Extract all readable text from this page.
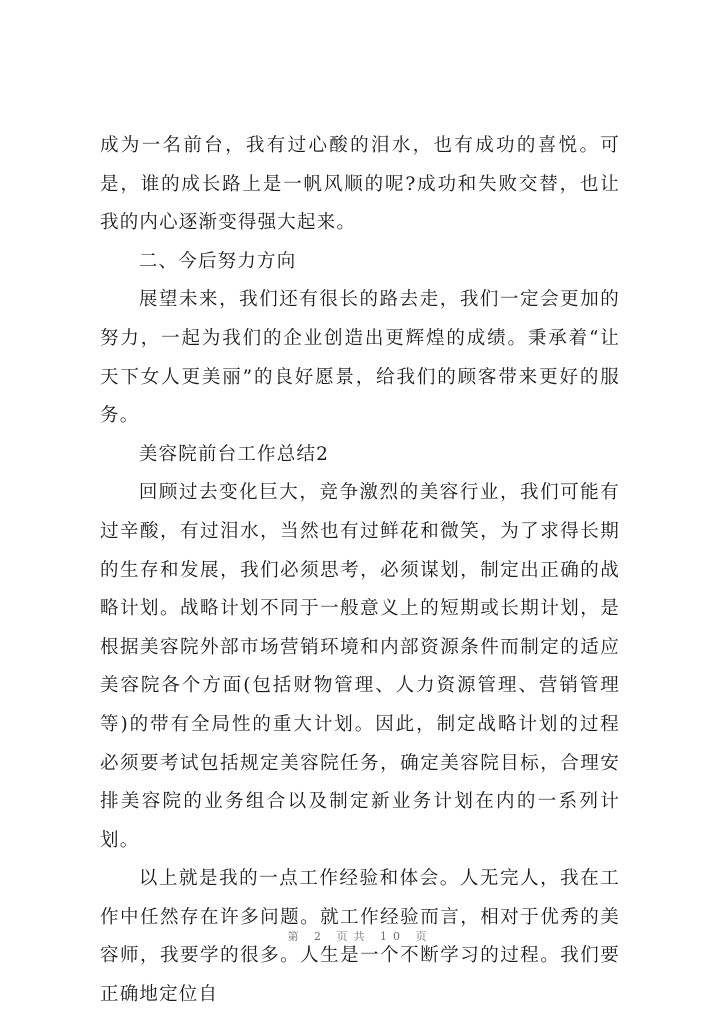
成为一名前台，我有过心酸的泪水，也有成功的喜悦。可是，谁的成长路上是一帆风顺的呢?成功和失败交替，也让我的内心逐渐变得强大起来。

二、今后努力方向

展望未来，我们还有很长的路去走，我们一定会更加的努力，一起为我们的企业创造出更辉煌的成绩。秉承着“让天下女人更美丽”的良好愿景，给我们的顾客带来更好的服务。

美容院前台工作总结2

回顾过去变化巨大，竞争激烈的美容行业，我们可能有过辛酸，有过泪水，当然也有过鲜花和微笑，为了求得长期的生存和发展，我们必须思考，必须谋划，制定出正确的战略计划。战略计划不同于一般意义上的短期或长期计划，是根据美容院外部市场营销环境和内部资源条件而制定的适应美容院各个方面(包括财物管理、人力资源管理、营销管理等)的带有全局性的重大计划。因此，制定战略计划的过程必须要考试包括规定美容院任务，确定美容院目标，合理安排美容院的业务组合以及制定新业务计划在内的一系列计划。

以上就是我的一点工作经验和体会。人无完人，我在工作中任然存在许多问题。就工作经验而言，相对于优秀的美容师，我要学的很多。人生是一个不断学习的过程。我们要正确地定位自

第 2 页共 10 页
